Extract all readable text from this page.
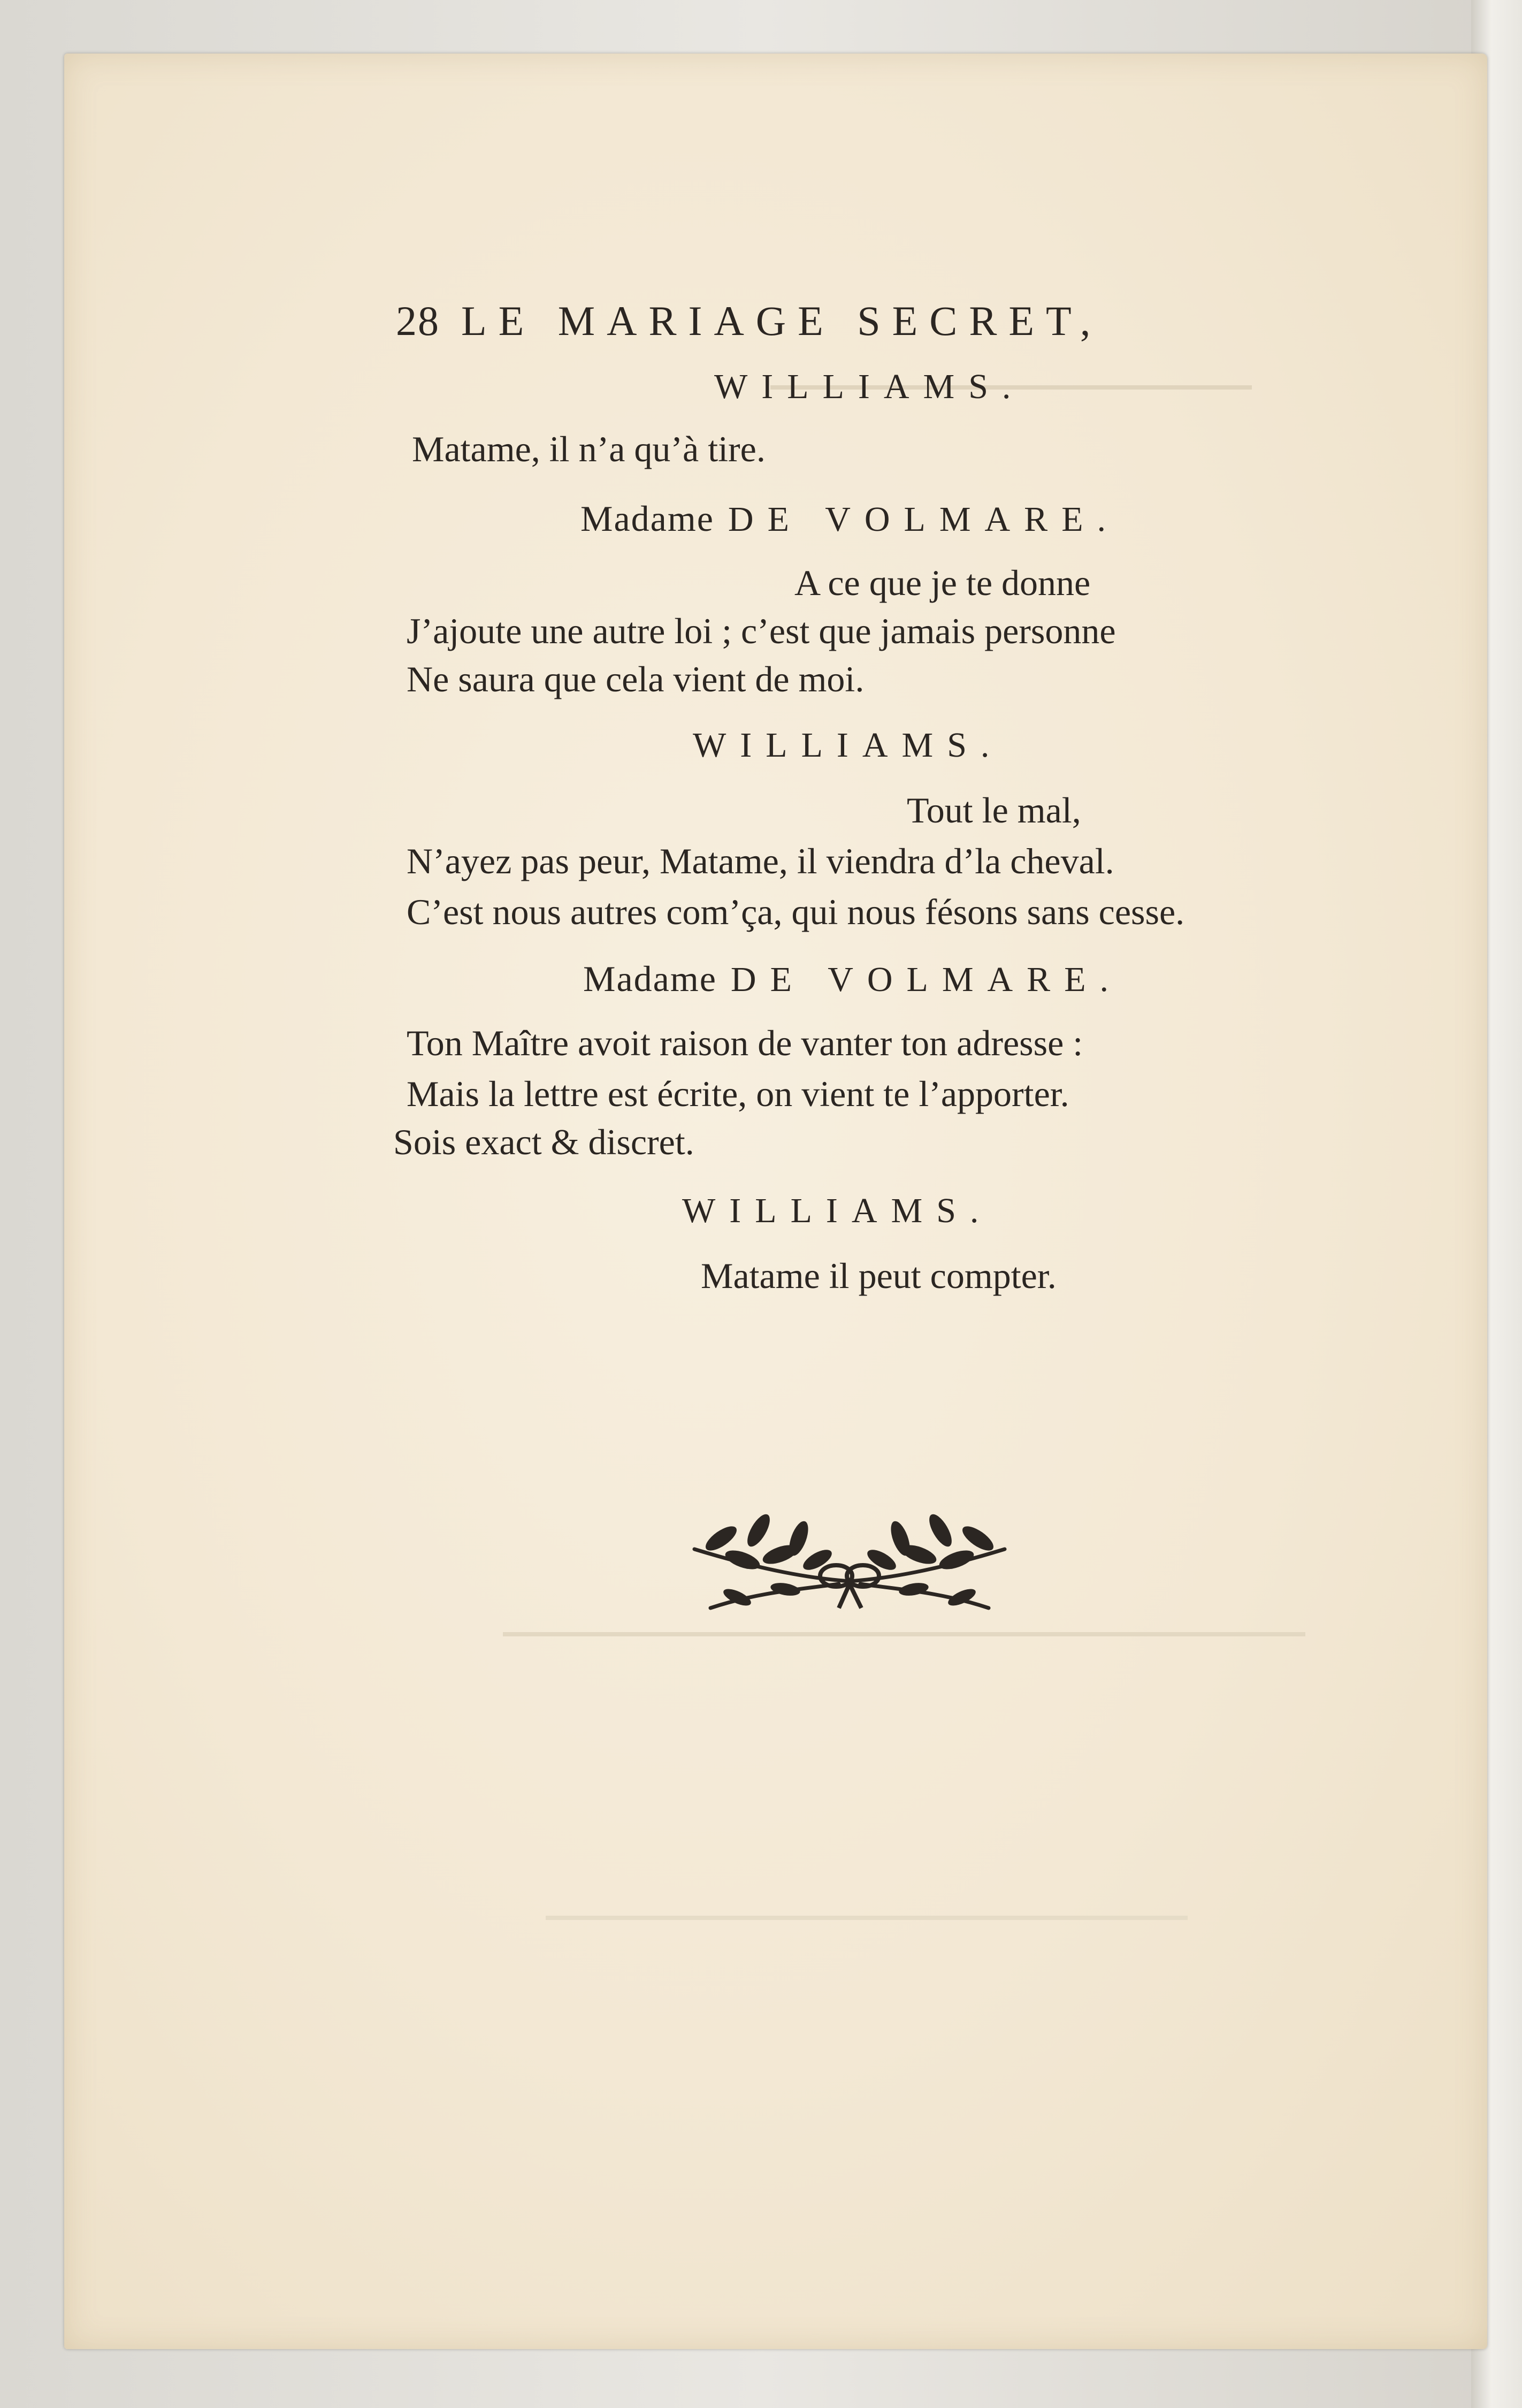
28 LE MARIAGE SECRET,
WILLIAMS.
Matame, il n’a qu’à tire.
Madame DE VOLMARE.
A ce que je te donne
J’ajoute une autre loi ; c’est que jamais personne
Ne saura que cela vient de moi.
WILLIAMS.
Tout le mal,
N’ayez pas peur, Matame, il viendra d’la cheval.
C’est nous autres com’ça, qui nous fésons sans cesse.
Madame DE VOLMARE.
Ton Maître avoit raison de vanter ton adresse :
Mais la lettre est écrite, on vient te l’apporter.
Sois exact & discret.
WILLIAMS.
Matame il peut compter.
